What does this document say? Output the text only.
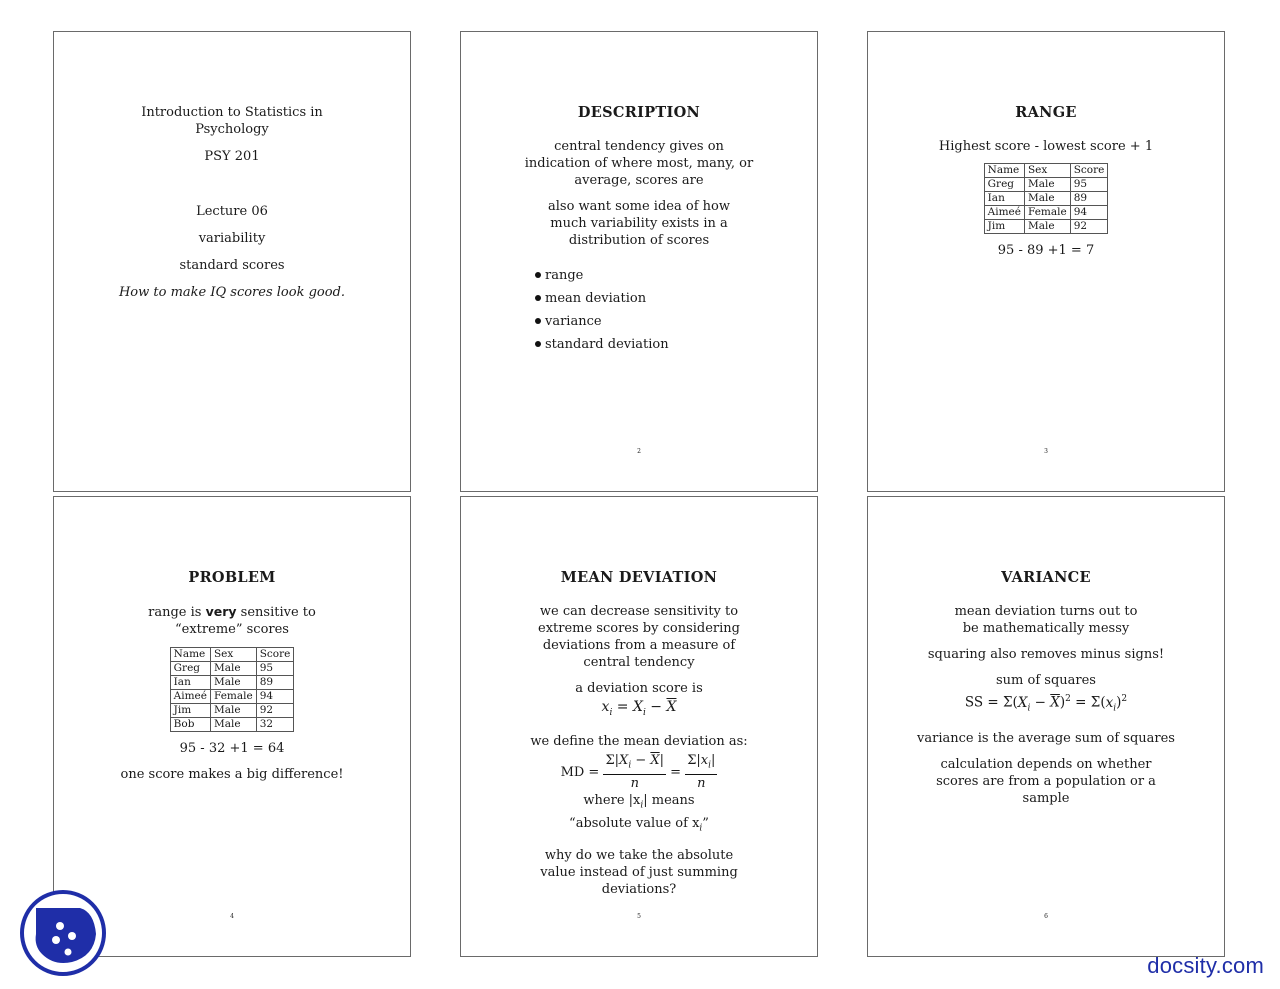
Introduction to Statistics in Psychology

PSY 201

Lecture 06

variability

standard scores

How to make IQ scores look good.

DESCRIPTION

central tendency gives on indication of where most, many, or average, scores are

also want some idea of how much variability exists in a distribution of scores

range
mean deviation
variance
standard deviation
2
RANGE

Highest score - lowest score + 1

Name	Sex	Score
Greg	Male	95
Ian	Male	89
Aimeé	Female	94
Jim	Male	92

95 - 89 +1 = 7

3
PROBLEM

range is very sensitive to “extreme” scores

Name	Sex	Score
Greg	Male	95
Ian	Male	89
Aimeé	Female	94
Jim	Male	92
Bob	Male	32

95 - 32 +1 = 64

one score makes a big difference!

4
MEAN DEVIATION

we can decrease sensitivity to extreme scores by considering deviations from a measure of central tendency

a deviation score is

$x_i = X_i - \overline{X}$

we define the mean deviation as:

MD = $\frac{\Sigma|X_i - \overline{X}|}{n} = \frac{\Sigma|x_i|}{n}$

where $|x_i|$ means

“absolute value of $x_i$”

why do we take the absolute value instead of just summing deviations?

5
VARIANCE

mean deviation turns out to be mathematically messy

squaring also removes minus signs!

sum of squares

SS = $\Sigma(X_i - \overline{X})^2 = \Sigma(x_i)^2$

variance is the average sum of squares

calculation depends on whether scores are from a population or a sample

6
docsity.com
